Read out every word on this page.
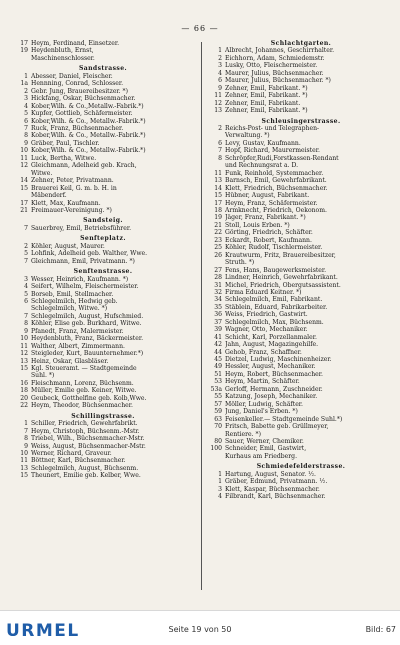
— 66 —
17 Heym, Ferdinand, Einsetzer.
19 Heydenbluth, Ernst,
Maschinenschlosser.
Sandstrasse.
1 Abesser, Daniel, Fleischer.
1a Hennning, Conrad, Schlosser.
2 Gebr. Jung, Brauereibesitzer. *)
3 Hickfang, Oskar, Büchsenmacher.
4 Kober,Wilh. & Co.,Metallw.-Fabrik.*)
5 Kupfer, Gottlieb, Schäfermeister.
6 Kober,Wilh. & Co., Metallw.-Fabrik.*)
7 Ruck, Franz, Büchsenmacher.
8 Kober,Wilh. & Co., Metallw.-Fabrik.*)
9 Gräber, Paul, Tischler.
10 Kober,Wilh. & Co., Metallw.-Fabrik.*)
11 Luck, Bertha, Witwe.
12 Gleichmann, Adelheid geb. Krach,
Witwe.
14 Zehner, Peter, Privatmann.
15 Brauerei Keil, G. m. b. H. in
Mäbenderf.
17 Klett, Max, Kaufmann.
21 Freimauer-Vereinigung. *)
Sandsteig.
7 Sauerbrey, Emil, Betriebsführer.
Senfteplatz.
2 Köhler, August, Maurer.
5 Lohfink, Adelheid geb. Walther, Wwe.
7 Gleichmann, Emil, Privatmann. *)
Senftenstrasse.
3 Wesser, Heinrich, Kaufmann. *)
4 Seifert, Wilhelm, Fleischermeister.
5 Borseb, Emil, Stellmacher.
6 Schlegelmilch, Hedwig geb.
Schlegelmilch, Witwe. *)
7 Schlegelmilch, August, Hufschmied.
8 Köhler, Elise geb. Burkhard, Witwe.
9 Pfanedt, Franz, Malermeister.
10 Heydenbluth, Franz, Bäckermeister.
11 Walther, Albert, Zimmermann.
12 Steigleder, Kurt, Bauunternehmer.*)
13 Heinz, Oskar, Glasbläser.
15 Kgl. Steueramt. — Stadtgemeinde
Suhl. *)
16 Fleischmann, Lorenz, Büchsenm.
18 Müller, Emilie geb. Keiner, Witwe.
20 Geubeck, Gotthelfine geb. Kolb,Wwe.
22 Heym, Theodor, Büchsenmacher.
Schillingstrasse.
1 Schiller, Friedrich, Gewehrfabrikt.
7 Heym, Christoph, Büchsenm.-Mstr.
8 Triebel, Wilh., Büchsenmacher-Mstr.
9 Weiss, August, Büchsenmacher-Mstr.
10 Werner, Richard, Graveur.
11 Böttner, Karl, Büchsenmacher.
13 Schlegelmilch, August, Büchsenm.
15 Theunert, Emilie geb. Kelber, Wwe.
Schlachtgarten.
1 Albrecht, Johannes, Geschirrhalter.
2 Eichhorn, Adam, Schmiedemstr.
3 Lusky, Otto, Fleischermeister.
4 Maurer, Julius, Büchsenmacher.
6 Maurer, Julius, Büchsenmacher. *)
9 Zehner, Emil, Fabrikant. *)
11 Zehner, Emil, Fabrikant. *)
12 Zehner, Emil, Fabrikant.
13 Zehner, Emil, Fabrikant. *)
Schleusingerstrasse.
2 Reichs-Post- und Telegraphen-
Verwaltung. *)
6 Levy, Gustav, Kaufmann.
7 Hopf, Richard, Maurermeister.
8 Schröpfer,Rudi,Forstkassen-Rendant
und Rechnungsrat a. D.
11 Funk, Reinhold, Systemmacher.
13 Barnsch, Emil, Gewehrfabrikant.
14 Klett, Friedrich, Büchsenmacher.
15 Hübner, August, Fabrikant.
17 Heym, Franz, Schäfermeister.
18 Armknecht, Friedrich, Oekonom.
19 Jäger, Franz, Fabrikant. *)
21 Stoll, Louis Erben. *)
22 Görting, Friedrich, Schäfter.
23 Eckardt, Robert, Kaufmann.
25 Köhler, Rudolf, Tischlermeister.
26 Krautwurm, Fritz, Brauereibesitzer,
Struth. *)
27 Fens, Hans, Baugewerksmeister.
28 Lindner, Heinrich, Gewehrfabrikant.
31 Michel, Friedrich, Obergutsassistent.
32 Firma Eduard Keitner. *)
34 Schlegelmilch, Emil, Fabrikant.
35 Stäblein, Eduard, Fabrikarbeiter.
36 Weiss, Friedrich, Gastwirt.
37 Schlegelmilch, Max, Büchsenm.
39 Wagner, Otto, Mechaniker.
41 Schicht, Karl, Porzellanmaler.
42 Jahn, August, Magazingehilfe.
44 Gehob, Franz, Schaffner.
45 Dietzel, Ludwig, Maschinenheizer.
49 Hessler, August, Mechaniker.
51 Heym, Robert, Büchsenmacher.
53 Heym, Martin, Schäfter.
53a Gerloff, Hermann, Zuschneider.
55 Katzung, Joseph, Mechaniker.
57 Möller, Ludwig, Schäfter.
59 Jung, Daniel's Erben. *)
63 Feisenkeller.— Stadtgemeinde Suhl.*)
70 Fritsch, Babette geb. Grüllmeyer,
Rentiere. *)
80 Sauer, Werner, Chemiker.
100 Schneider, Emil, Gastwirt,
Kurhaus am Friedberg.
Schmiedefelderstrasse.
1 Hartung, August, Senator. ½.
1 Gräber, Edmund, Privatmann. ½.
3 Klett, Kaspar, Büchsenmacher.
4 Filbrandt, Karl, Büchsenmacher.
URMEL	Seite 19 von 50	Bild: 67
